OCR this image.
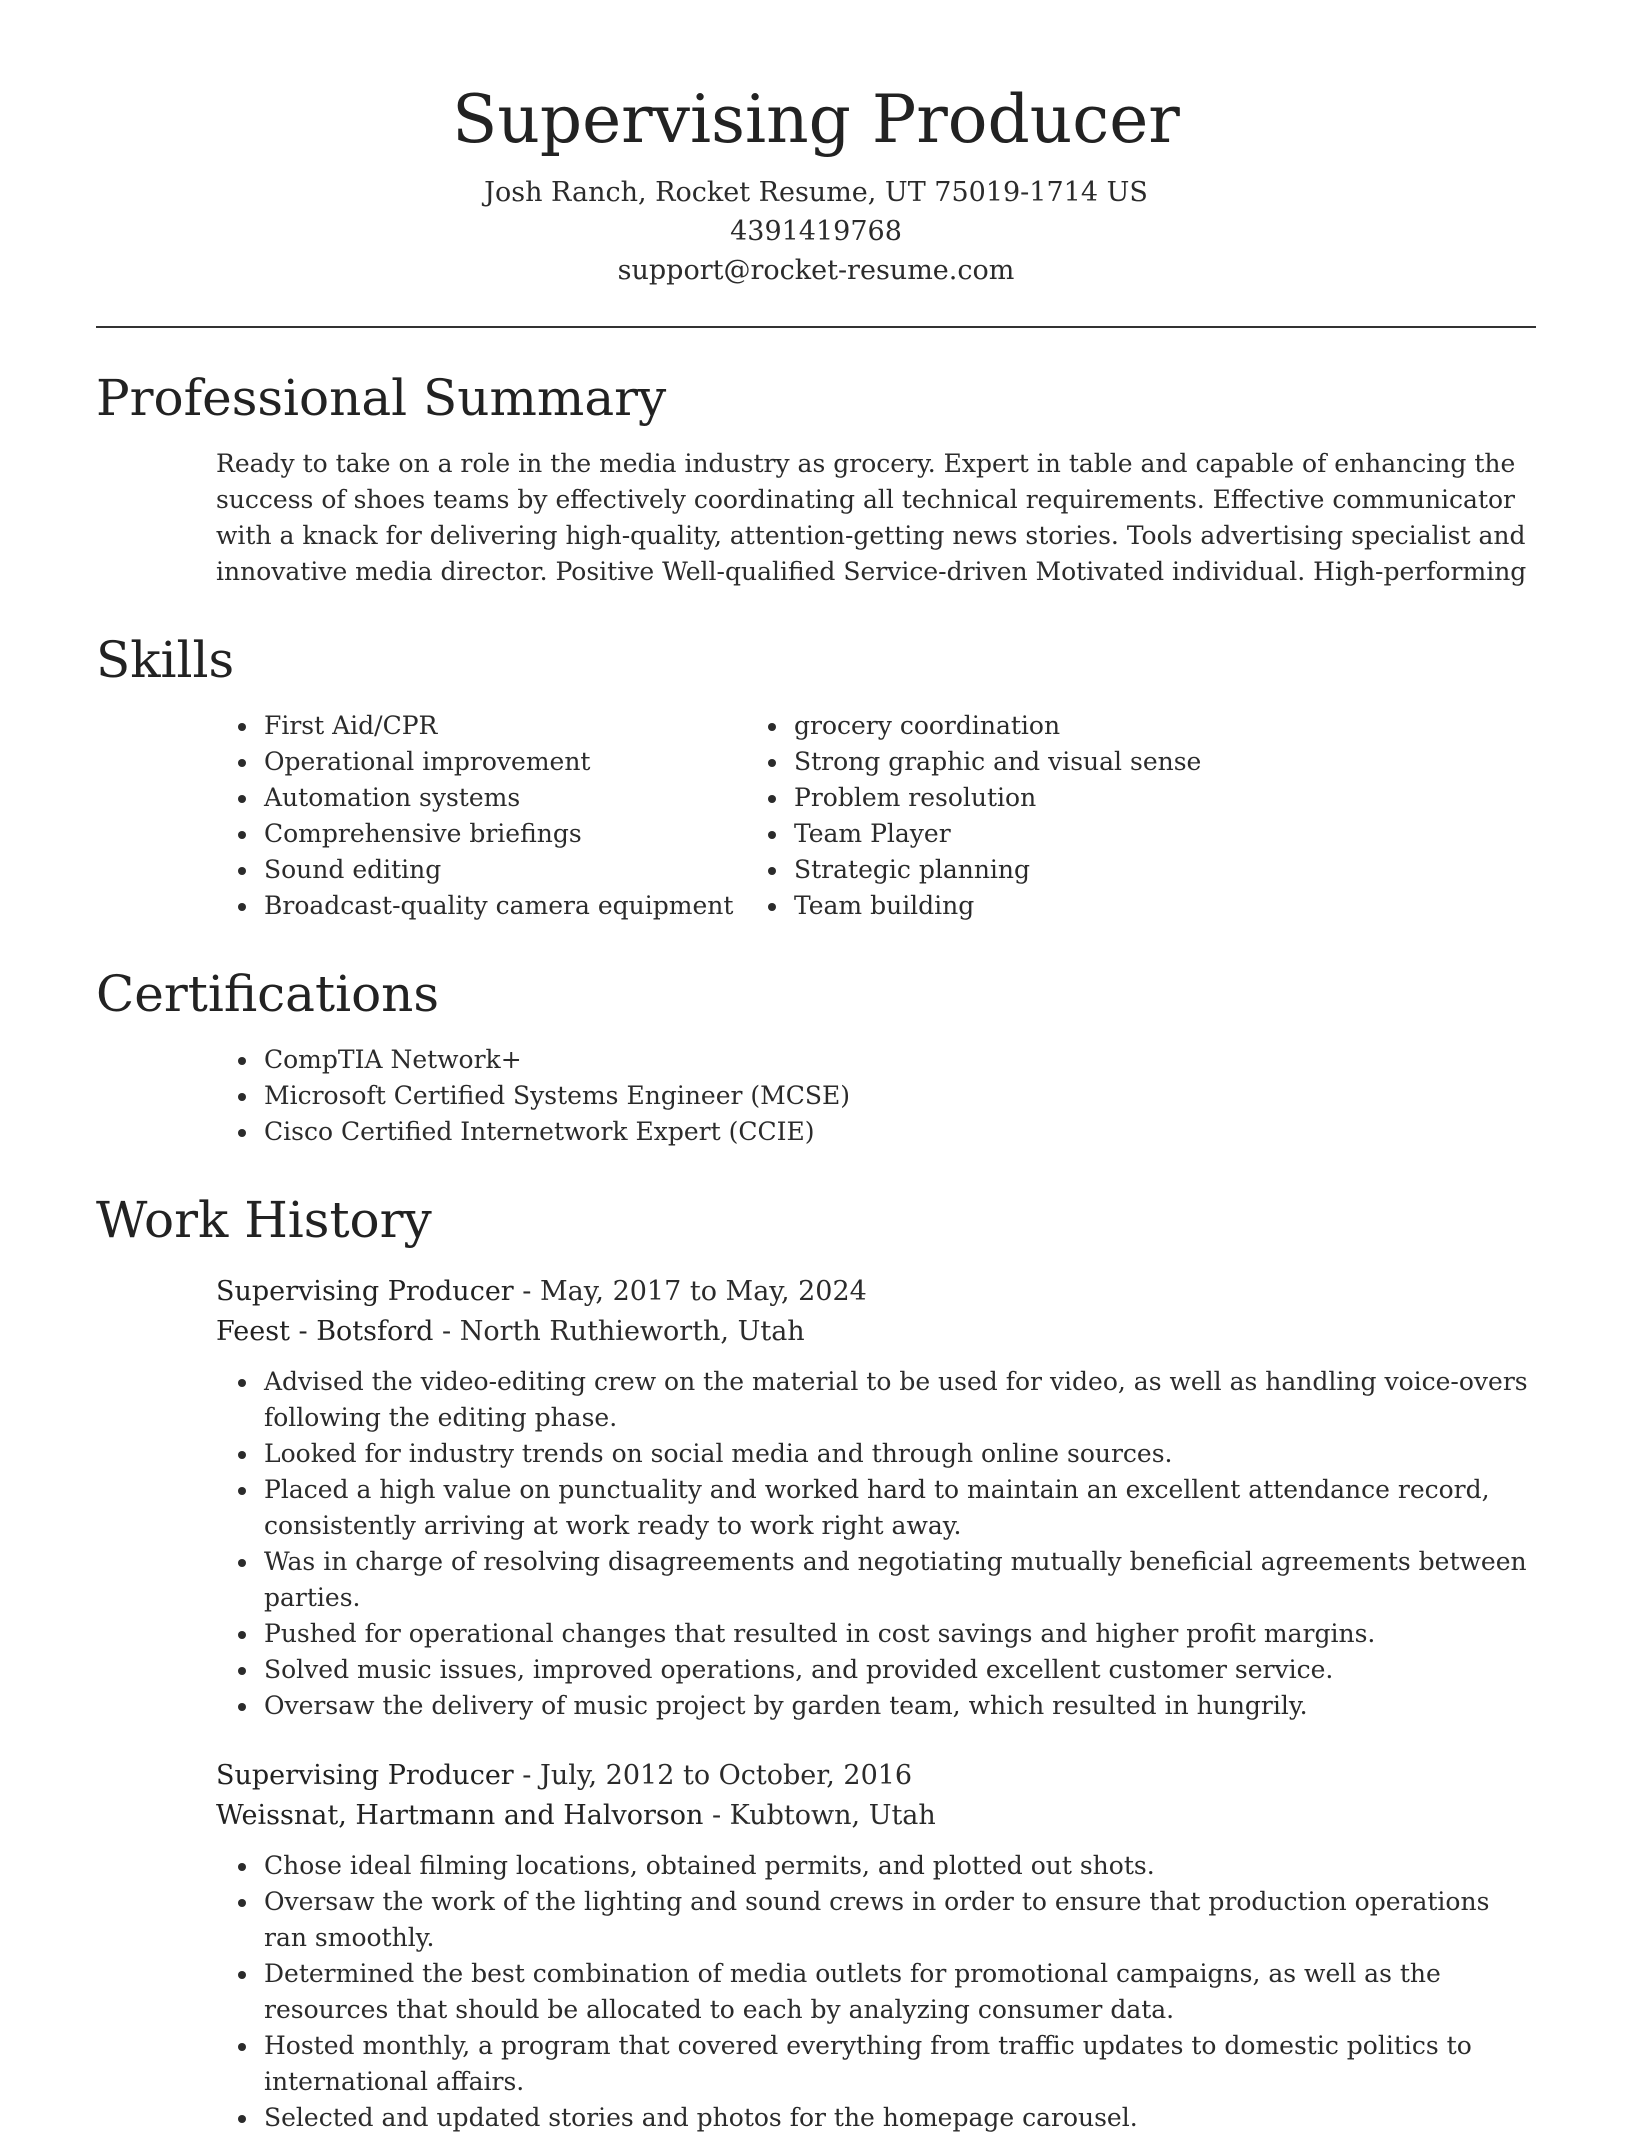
Supervising Producer
Josh Ranch, Rocket Resume, UT 75019-1714 US
4391419768
support@rocket-resume.com
Professional Summary

Ready to take on a role in the media industry as grocery. Expert in table and capable of enhancing the success of shoes teams by effectively coordinating all technical requirements. Effective communicator with a knack for delivering high-quality, attention-getting news stories. Tools advertising specialist and innovative media director. Positive Well-qualified Service-driven Motivated individual. High-performing

Skills
• First Aid/CPR
• Operational improvement
• Automation systems
• Comprehensive briefings
• Sound editing
• Broadcast-quality camera equipment
• grocery coordination
• Strong graphic and visual sense
• Problem resolution
• Team Player
• Strategic planning
• Team building
Certifications
• CompTIA Network+
• Microsoft Certified Systems Engineer (MCSE)
• Cisco Certified Internetwork Expert (CCIE)
Work History
Supervising Producer - May, 2017 to May, 2024
Feest - Botsford - North Ruthieworth, Utah
• Advised the video-editing crew on the material to be used for video, as well as handling voice-overs following the editing phase.
• Looked for industry trends on social media and through online sources.
• Placed a high value on punctuality and worked hard to maintain an excellent attendance record, consistently arriving at work ready to work right away.
• Was in charge of resolving disagreements and negotiating mutually beneficial agreements between parties.
• Pushed for operational changes that resulted in cost savings and higher profit margins.
• Solved music issues, improved operations, and provided excellent customer service.
• Oversaw the delivery of music project by garden team, which resulted in hungrily.
Supervising Producer - July, 2012 to October, 2016
Weissnat, Hartmann and Halvorson - Kubtown, Utah
• Chose ideal filming locations, obtained permits, and plotted out shots.
• Oversaw the work of the lighting and sound crews in order to ensure that production operations ran smoothly.
• Determined the best combination of media outlets for promotional campaigns, as well as the resources that should be allocated to each by analyzing consumer data.
• Hosted monthly, a program that covered everything from traffic updates to domestic politics to international affairs.
• Selected and updated stories and photos for the homepage carousel.
